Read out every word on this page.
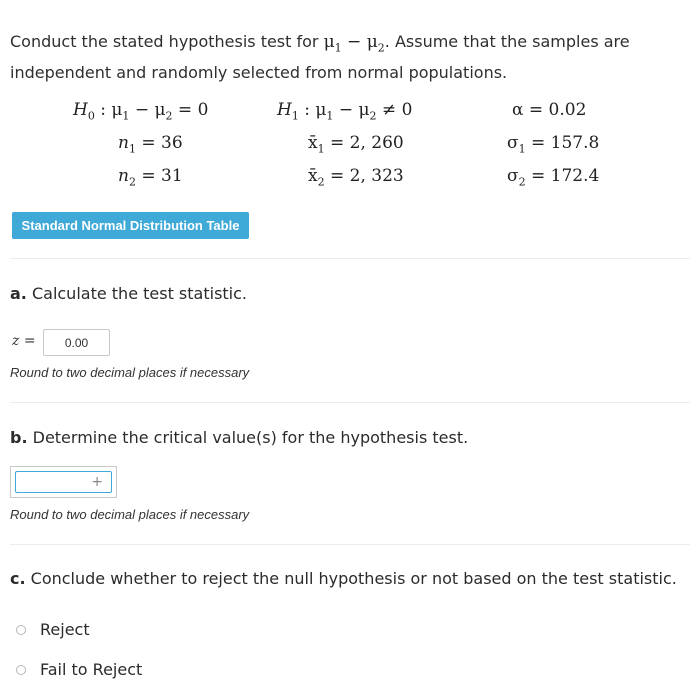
Conduct the stated hypothesis test for $\mu_1 - \mu_2$. Assume that the samples are
independent and randomly selected from normal populations.
$H_0$ : $\mu_1 - \mu_2 = 0$	$H_1$ : $\mu_1 - \mu_2 \ne 0$	α = 0.02
$n_1 = 36$	$x̄_1 = 2$, 260	$\sigma_1 = 157.8$
$n_2 = 31$	$x̄_2 = 2$, 323	$\sigma_2 = 172.4$
Standard Normal Distribution Table
a. Calculate the test statistic.
z =
0.00
Round to two decimal places if necessary
b. Determine the critical value(s) for the hypothesis test.
+
Round to two decimal places if necessary
c. Conclude whether to reject the null hypothesis or not based on the test statistic.
Reject
Fail to Reject
